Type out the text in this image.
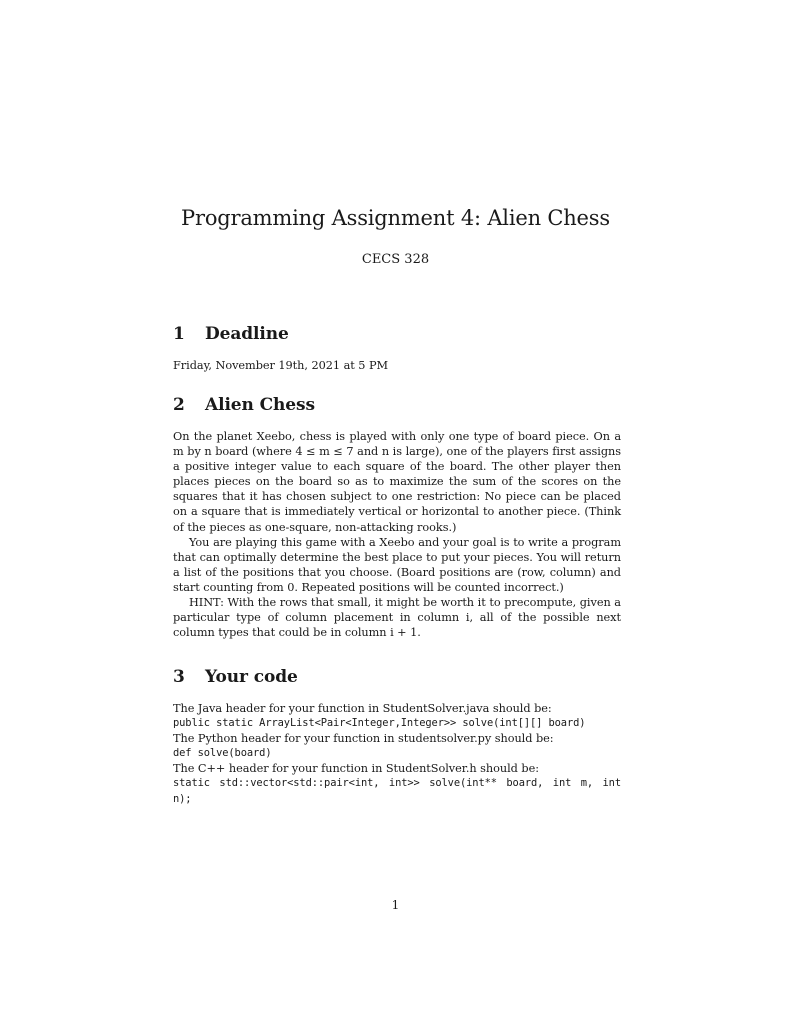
Programming Assignment 4: Alien Chess
CECS 328
1 Deadline

Friday, November 19th, 2021 at 5 PM

2 Alien Chess

On the planet Xeebo, chess is played with only one type of board piece. On a m by n board (where 4 ≤ m ≤ 7 and n is large), one of the players first assigns a positive integer value to each square of the board. The other player then places pieces on the board so as to maximize the sum of the scores on the squares that it has chosen subject to one restriction: No piece can be placed on a square that is immediately vertical or horizontal to another piece. (Think of the pieces as one-square, non-attacking rooks.)

You are playing this game with a Xeebo and your goal is to write a program that can optimally determine the best place to put your pieces. You will return a list of the positions that you choose. (Board positions are (row, column) and start counting from 0. Repeated positions will be counted incorrect.)

HINT: With the rows that small, it might be worth it to precompute, given a particular type of column placement in column i, all of the possible next column types that could be in column i + 1.

3 Your code

The Java header for your function in StudentSolver.java should be:

public static ArrayList<Pair<Integer,Integer>> solve(int[][] board)

The Python header for your function in studentsolver.py should be:

def solve(board)

The C++ header for your function in StudentSolver.h should be:

static std::vector<std::pair<int, int>> solve(int** board, int m, int n);

1
